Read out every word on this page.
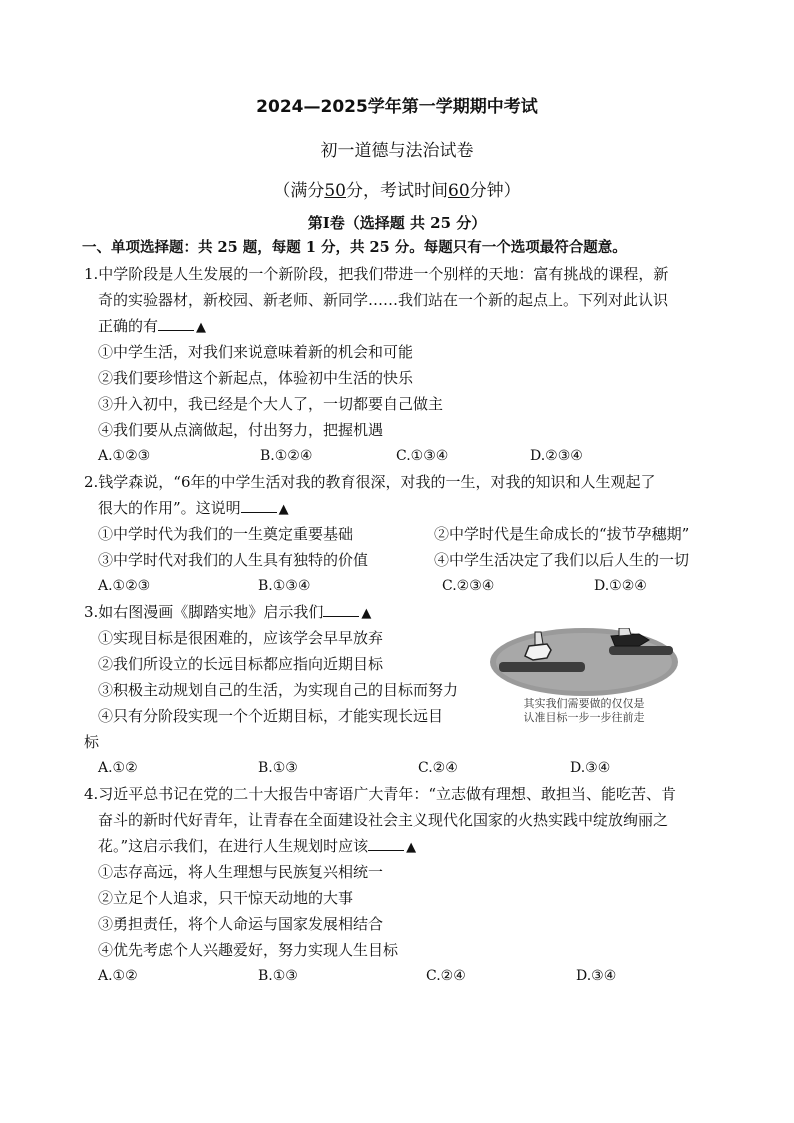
2024—2025学年第一学期期中考试
初一道德与法治试卷
（满分50分，考试时间60分钟）
第Ⅰ卷（选择题 共 25 分）
一、单项选择题：共 25 题，每题 1 分，共 25 分。每题只有一个选项最符合题意。
1.中学阶段是人生发展的一个新阶段，把我们带进一个别样的天地：富有挑战的课程，新
奇的实验器材，新校园、新老师、新同学……我们站在一个新的起点上。下列对此认识
正确的有	▲
①中学生活，对我们来说意味着新的机会和可能
②我们要珍惜这个新起点，体验初中生活的快乐
③升入初中，我已经是个大人了，一切都要自己做主
④我们要从点滴做起，付出努力，把握机遇
A.①②③	B.①②④	C.①③④	D.②③④
2.钱学森说，“6年的中学生活对我的教育很深，对我的一生，对我的知识和人生观起了
很大的作用”。这说明	▲
①中学时代为我们的一生奠定重要基础	②中学时代是生命成长的“拔节孕穗期”
③中学时代对我们的人生具有独特的价值	④中学生活决定了我们以后人生的一切
A.①②③	B.①③④	C.②③④	D.①②④
3.如右图漫画《脚踏实地》启示我们	▲
①实现目标是很困难的，应该学会早早放弃
②我们所设立的长远目标都应指向近期目标
③积极主动规划自己的生活，为实现自己的目标而努力
④只有分阶段实现一个个近期目标，才能实现长远目
标
其实我们需要做的仅仅是
认准目标一步一步往前走
A.①②	B.①③	C.②④	D.③④
4.习近平总书记在党的二十大报告中寄语广大青年：“立志做有理想、敢担当、能吃苦、肯
奋斗的新时代好青年，让青春在全面建设社会主义现代化国家的火热实践中绽放绚丽之
花。”这启示我们，在进行人生规划时应该	▲
①志存高远，将人生理想与民族复兴相统一
②立足个人追求，只干惊天动地的大事
③勇担责任，将个人命运与国家发展相结合
④优先考虑个人兴趣爱好，努力实现人生目标
A.①②	B.①③	C.②④	D.③④
